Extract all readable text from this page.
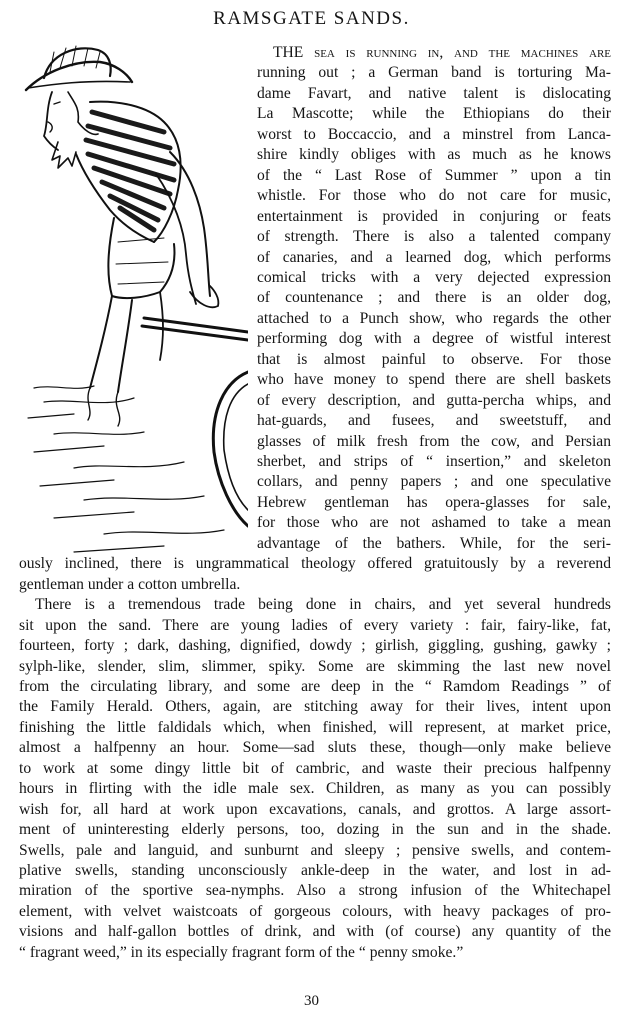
RAMSGATE SANDS.
THE sea is running in, and the machines are
running out ; a German band is torturing Ma-
dame Favart, and native talent is dislocating
La Mascotte; while the Ethiopians do their
worst to Boccaccio, and a minstrel from Lanca-
shire kindly obliges with as much as he knows
of the “ Last Rose of Summer ” upon a tin
whistle. For those who do not care for music,
entertainment is provided in conjuring or feats
of strength. There is also a talented company
of canaries, and a learned dog, which performs
comical tricks with a very dejected expression
of countenance ; and there is an older dog,
attached to a Punch show, who regards the other
performing dog with a degree of wistful interest
that is almost painful to observe. For those
who have money to spend there are shell baskets
of every description, and gutta-percha whips, and
hat-guards, and fusees, and sweetstuff, and
glasses of milk fresh from the cow, and Persian
sherbet, and strips of “ insertion,” and skeleton
collars, and penny papers ; and one speculative
Hebrew gentleman has opera-glasses for sale,
for those who are not ashamed to take a mean
advantage of the bathers. While, for the seri-
ously inclined, there is ungrammatical theology offered gratuitously by a reverend
gentleman under a cotton umbrella.
There is a tremendous trade being done in chairs, and yet several hundreds
sit upon the sand. There are young ladies of every variety : fair, fairy-like, fat,
fourteen, forty ; dark, dashing, dignified, dowdy ; girlish, giggling, gushing, gawky ;
sylph-like, slender, slim, slimmer, spiky. Some are skimming the last new novel
from the circulating library, and some are deep in the “ Ramdom Readings ” of
the Family Herald. Others, again, are stitching away for their lives, intent upon
finishing the little faldidals which, when finished, will represent, at market price,
almost a halfpenny an hour. Some—sad sluts these, though—only make believe
to work at some dingy little bit of cambric, and waste their precious halfpenny
hours in flirting with the idle male sex. Children, as many as you can possibly
wish for, all hard at work upon excavations, canals, and grottos. A large assort-
ment of uninteresting elderly persons, too, dozing in the sun and in the shade.
Swells, pale and languid, and sunburnt and sleepy ; pensive swells, and contem-
plative swells, standing unconsciously ankle-deep in the water, and lost in ad-
miration of the sportive sea-nymphs. Also a strong infusion of the Whitechapel
element, with velvet waistcoats of gorgeous colours, with heavy packages of pro-
visions and half-gallon bottles of drink, and with (of course) any quantity of the
“ fragrant weed,” in its especially fragrant form of the “ penny smoke.”
30
